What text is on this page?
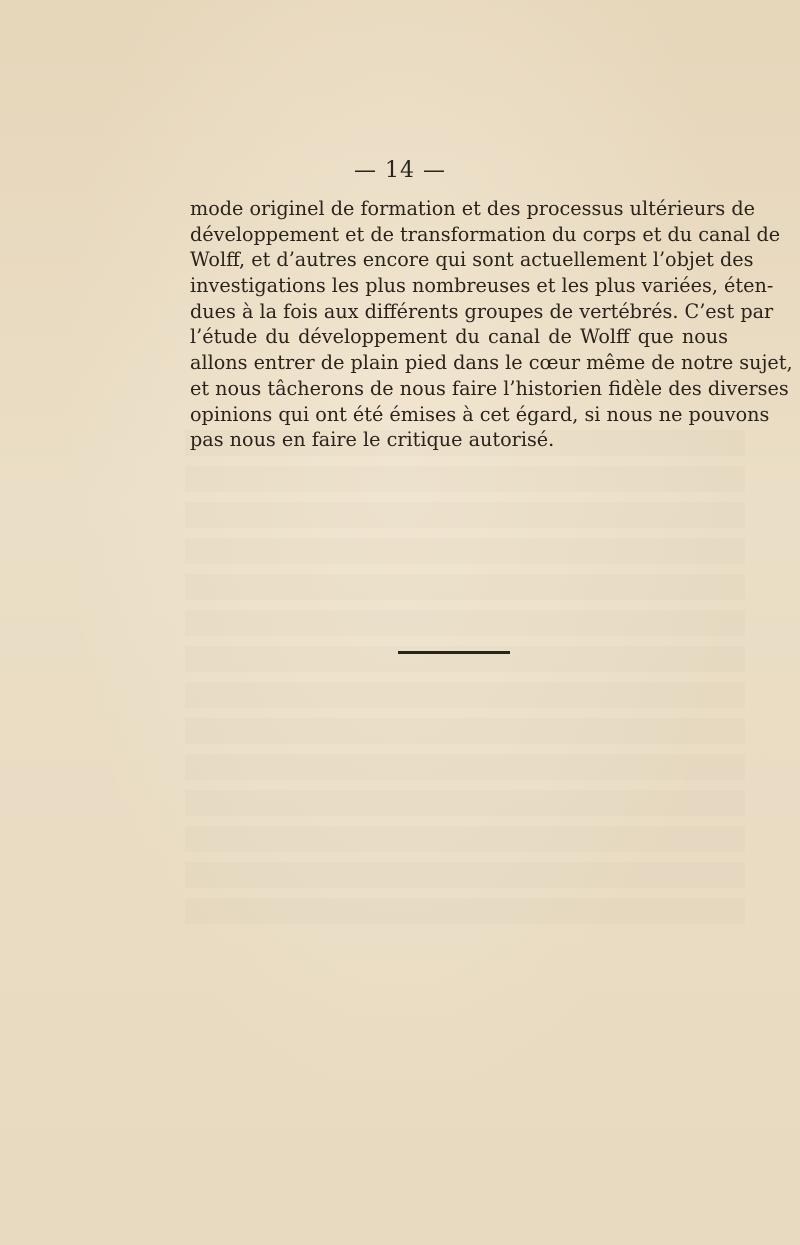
— 14 —
mode originel de formation et des processus ultérieurs de
développement et de transformation du corps et du canal de
Wolff, et d’autres encore qui sont actuellement l’objet des
investigations les plus nombreuses et les plus variées, éten-
dues à la fois aux différents groupes de vertébrés. C’est par
l’étude du développement du canal de Wolff que nous
allons entrer de plain pied dans le cœur même de notre sujet,
et nous tâcherons de nous faire l’historien fidèle des diverses
opinions qui ont été émises à cet égard, si nous ne pouvons
pas nous en faire le critique autorisé.
